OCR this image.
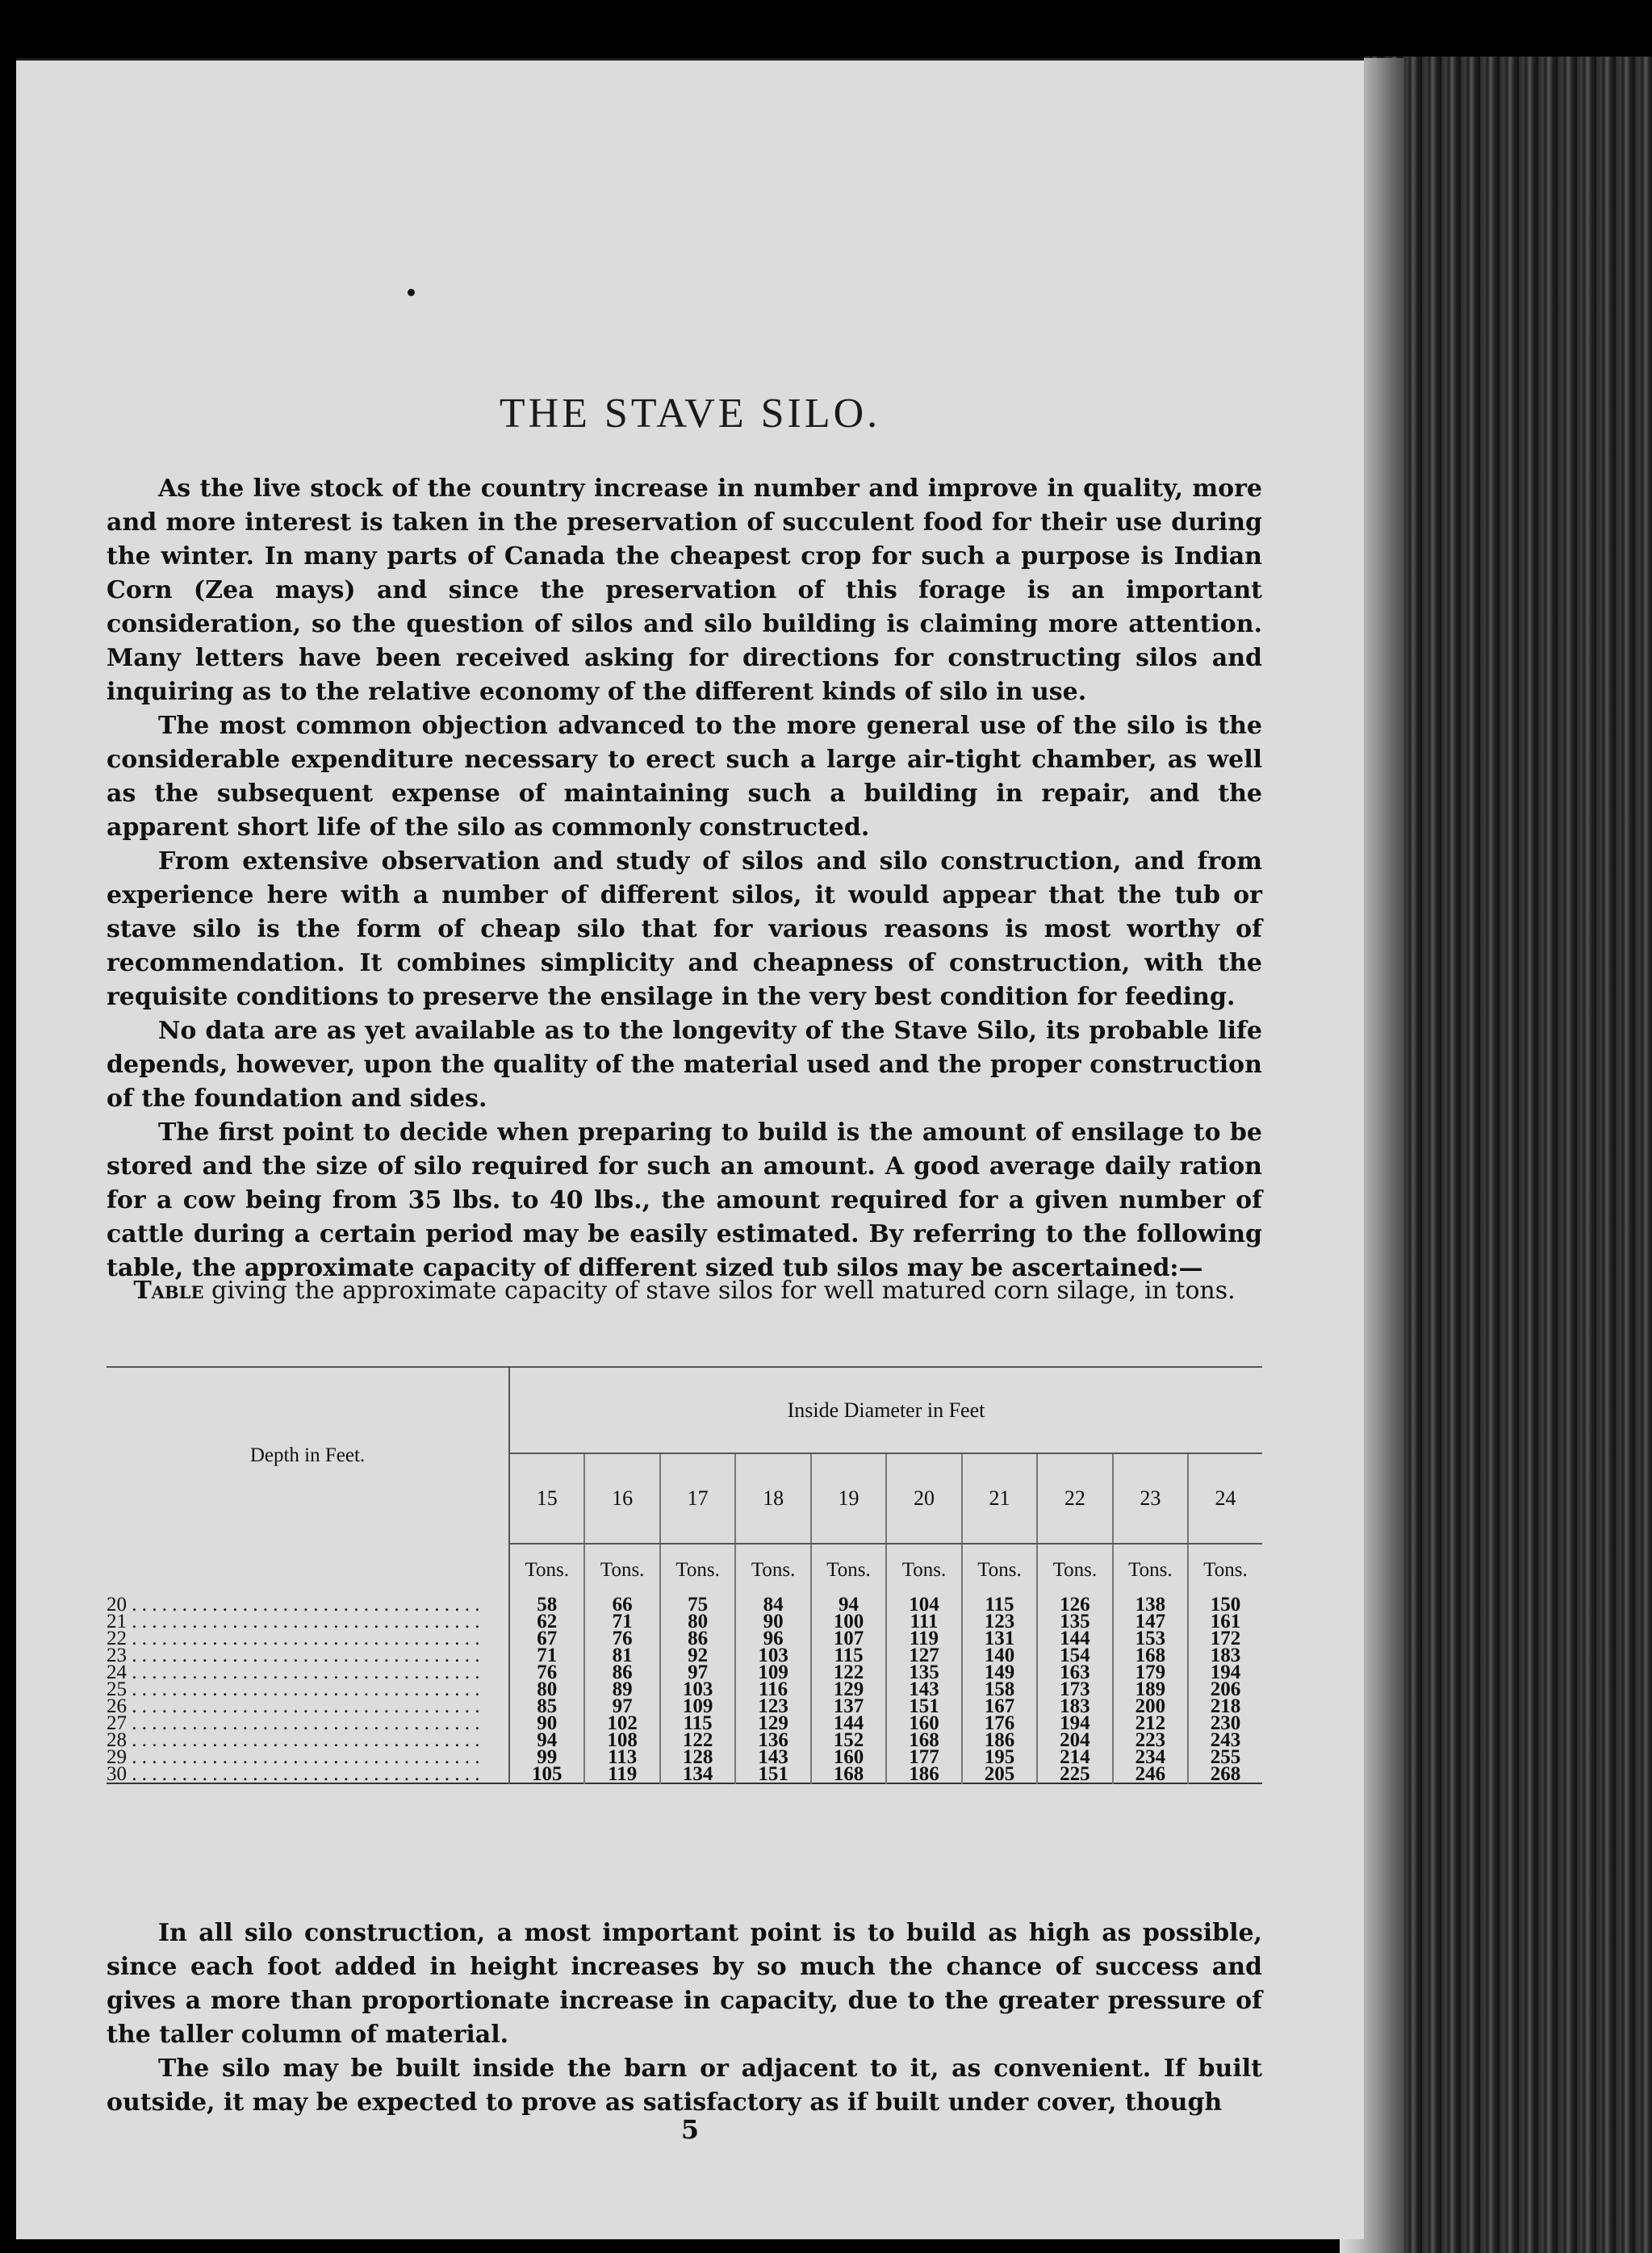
THE STAVE SILO.

As the live stock of the country increase in number and improve in quality, more and more interest is taken in the preservation of succulent food for their use during the winter. In many parts of Canada the cheapest crop for such a purpose is Indian Corn (Zea mays) and since the preservation of this forage is an important consideration, so the question of silos and silo building is claiming more attention. Many letters have been received asking for directions for constructing silos and inquiring as to the relative economy of the different kinds of silo in use.

The most common objection advanced to the more general use of the silo is the considerable expenditure necessary to erect such a large air-tight chamber, as well as the subsequent expense of maintaining such a building in repair, and the apparent short life of the silo as commonly constructed.

From extensive observation and study of silos and silo construction, and from experience here with a number of different silos, it would appear that the tub or stave silo is the form of cheap silo that for various reasons is most worthy of recommendation. It combines simplicity and cheapness of construction, with the requisite conditions to preserve the ensilage in the very best condition for feeding.

No data are as yet available as to the longevity of the Stave Silo, its probable life depends, however, upon the quality of the material used and the proper construction of the foundation and sides.

The first point to decide when preparing to build is the amount of ensilage to be stored and the size of silo required for such an amount. A good average daily ration for a cow being from 35 lbs. to 40 lbs., the amount required for a given number of cattle during a certain period may be easily estimated. By referring to the following table, the approximate capacity of different sized tub silos may be ascertained:—

Table giving the approximate capacity of stave silos for well matured corn silage, in tons.

Depth in Feet.	Inside Diameter in Feet									
	15	16	17	18	19	20	21	22	23	24
	Tons.	Tons.	Tons.	Tons.	Tons.	Tons.	Tons.	Tons.	Tons.	Tons.
20 . . . . . . . . . . . . . . . . . . . . . . . . . . . . . . . . . . .	58	66	75	84	94	104	115	126	138	150
21 . . . . . . . . . . . . . . . . . . . . . . . . . . . . . . . . . . .	62	71	80	90	100	111	123	135	147	161
22 . . . . . . . . . . . . . . . . . . . . . . . . . . . . . . . . . . .	67	76	86	96	107	119	131	144	153	172
23 . . . . . . . . . . . . . . . . . . . . . . . . . . . . . . . . . . .	71	81	92	103	115	127	140	154	168	183
24 . . . . . . . . . . . . . . . . . . . . . . . . . . . . . . . . . . .	76	86	97	109	122	135	149	163	179	194
25 . . . . . . . . . . . . . . . . . . . . . . . . . . . . . . . . . . .	80	89	103	116	129	143	158	173	189	206
26 . . . . . . . . . . . . . . . . . . . . . . . . . . . . . . . . . . .	85	97	109	123	137	151	167	183	200	218
27 . . . . . . . . . . . . . . . . . . . . . . . . . . . . . . . . . . .	90	102	115	129	144	160	176	194	212	230
28 . . . . . . . . . . . . . . . . . . . . . . . . . . . . . . . . . . .	94	108	122	136	152	168	186	204	223	243
29 . . . . . . . . . . . . . . . . . . . . . . . . . . . . . . . . . . .	99	113	128	143	160	177	195	214	234	255
30 . . . . . . . . . . . . . . . . . . . . . . . . . . . . . . . . . . .	105	119	134	151	168	186	205	225	246	268

In all silo construction, a most important point is to build as high as possible, since each foot added in height increases by so much the chance of success and gives a more than proportionate increase in capacity, due to the greater pressure of the taller column of material.

The silo may be built inside the barn or adjacent to it, as convenient. If built outside, it may be expected to prove as satisfactory as if built under cover, though

5
